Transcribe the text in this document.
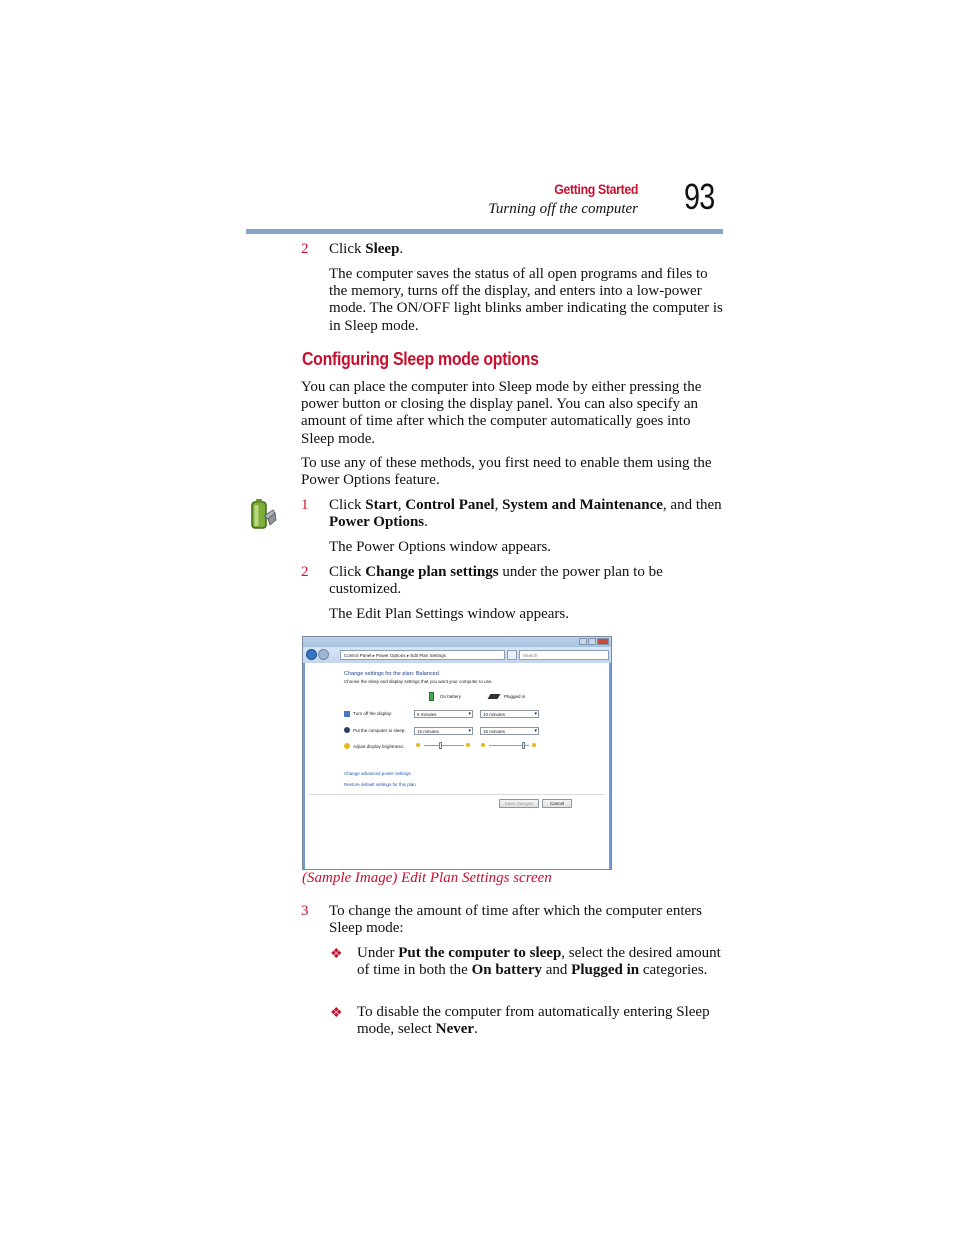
Getting Started
Turning off the computer 93
2 Click Sleep.
The computer saves the status of all open programs and files to the memory, turns off the display, and enters into a low-power mode. The ON/OFF light blinks amber indicating the computer is in Sleep mode.
Configuring Sleep mode options
You can place the computer into Sleep mode by either pressing the power button or closing the display panel. You can also specify an amount of time after which the computer automatically goes into Sleep mode.
To use any of these methods, you first need to enable them using the Power Options feature.
1 Click Start, Control Panel, System and Maintenance, and then Power Options.
The Power Options window appears.
2 Click Change plan settings under the power plan to be customized.
The Edit Plan Settings window appears.
Control Panel ▸ Power Options ▸ Edit Plan Settings	Search
Change settings for the plan: Balanced
Choose the sleep and display settings that you want your computer to use.
On battery	Plugged in
Turn off the display:	5 minutes ▾	10 minutes ▾
Put the computer to sleep:	15 minutes ▾	15 minutes ▾
Adjust display brightness:
Change advanced power settings
Restore default settings for this plan
Save changes	Cancel
(Sample Image) Edit Plan Settings screen
3 To change the amount of time after which the computer enters Sleep mode:
❖ Under Put the computer to sleep, select the desired amount of time in both the On battery and Plugged in categories.
❖ To disable the computer from automatically entering Sleep mode, select Never.
